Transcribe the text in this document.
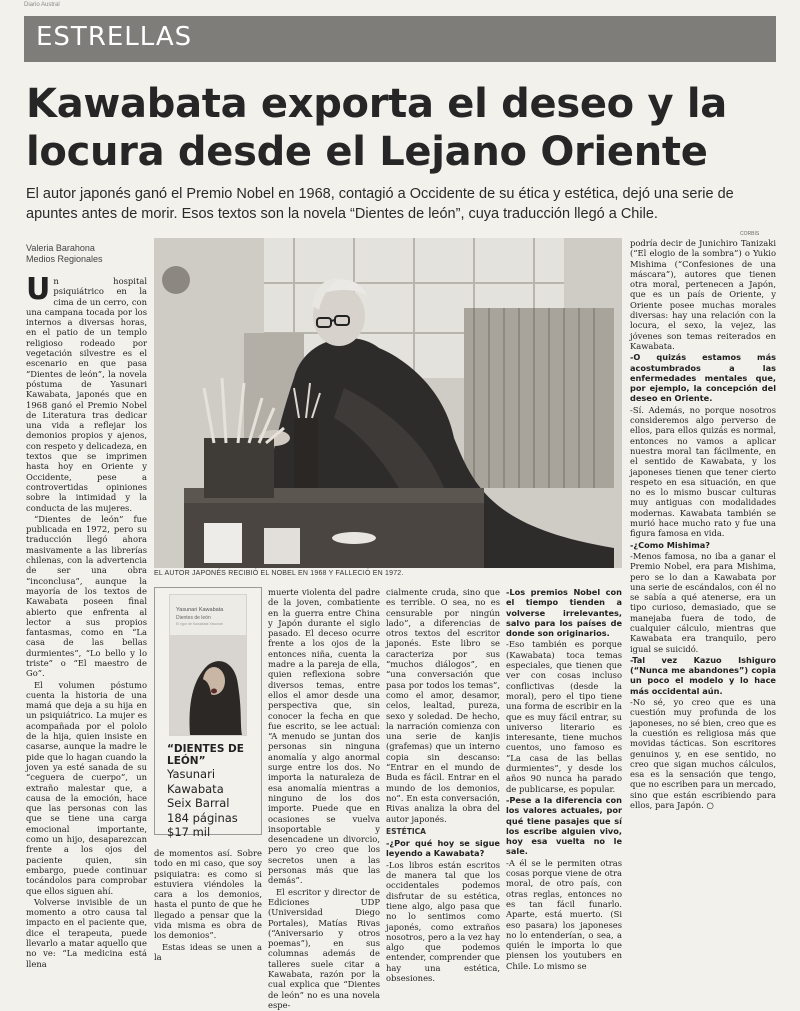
Diario Austral
ESTRELLAS
Kawabata exporta el deseo y la locura desde el Lejano Oriente
El autor japonés ganó el Premio Nobel en 1968, contagió a Occidente de su ética y estética, dejó una serie de apuntes antes de morir. Esos textos son la novela “Dientes de león”, cuya traducción llegó a Chile.
Valeria Barahona
Medios Regionales
CORBIS
EL AUTOR JAPONÉS RECIBIÓ EL NOBEL EN 1968 Y FALLECIÓ EN 1972.

Un hospital psiquiátrico en la cima de un cerro, con una campana tocada por los internos a diversas horas, en el patio de un templo religioso rodeado por vegetación silvestre es el escenario en que pasa “Dientes de león”, la novela póstuma de Yasunari Kawabata, japonés que en 1968 ganó el Premio Nobel de Literatura tras dedicar una vida a reflejar los demonios propios y ajenos, con respeto y delicadeza, en textos que se imprimen hasta hoy en Oriente y Occidente, pese a controvertidas opiniones sobre la intimidad y la conducta de las mujeres.

“Dientes de león” fue publicada en 1972, pero su traducción llegó ahora masivamente a las librerías chilenas, con la advertencia de ser una obra “inconclusa”, aunque la mayoría de los textos de Kawabata poseen final abierto que enfrenta al lector a sus propios fantasmas, como en “La casa de las bellas durmientes”, “Lo bello y lo triste” o “El maestro de Go”.

El volumen póstumo cuenta la historia de una mamá que deja a su hija en un psiquiátrico. La mujer es acompañada por el pololo de la hija, quien insiste en casarse, aunque la madre le pide que lo hagan cuando la joven ya esté sanada de su “ceguera de cuerpo”, un extraño malestar que, a causa de la emoción, hace que las personas con las que se tiene una carga emocional importante, como un hijo, desaparezcan frente a los ojos del paciente quien, sin embargo, puede continuar tocándolos para comprobar que ellos siguen ahí.

Volverse invisible de un momento a otro causa tal impacto en el paciente que, dice el terapeuta, puede llevarlo a matar aquello que no ve: “La medicina está llena

Yasunari Kawabata
Dientes de león
El rigor de Kawabata Yasunari
“DIENTES DE
LEÓN”
Yasunari
Kawabata
Seix Barral
184 páginas
$17 mil

de momentos así. Sobre todo en mi caso, que soy psiquiatra: es como si estuviera viéndoles la cara a los demonios, hasta el punto de que he llegado a pensar que la vida misma es obra de los demonios”.

Estas ideas se unen a la

muerte violenta del padre de la joven, combatiente en la guerra entre China y Japón durante el siglo pasado. El deceso ocurre frente a los ojos de la entonces niña, cuenta la madre a la pareja de ella, quien reflexiona sobre diversos temas, entre ellos el amor desde una perspectiva que, sin conocer la fecha en que fue escrito, se lee actual: “A menudo se juntan dos personas sin ninguna anomalía y algo anormal surge entre los dos. No importa la naturaleza de esa anomalía mientras a ninguno de los dos importe. Puede que en ocasiones se vuelva insoportable y desencadene un divorcio, pero yo creo que los secretos unen a las personas más que las demás”.

El escritor y director de Ediciones UDP (Universidad Diego Portales), Matías Rivas (“Aniversario y otros poemas”), en sus columnas además de talleres suele citar a Kawabata, razón por la cual explica que “Dientes de león” no es una novela espe-

cialmente cruda, sino que es terrible. O sea, no es censurable por ningún lado”, a diferencias de otros textos del escritor japonés. Este libro se caracteriza por sus “muchos diálogos”, en “una conversación que pasa por todos los temas”, como el amor, desamor, celos, lealtad, pureza, sexo y soledad. De hecho, la narración comienza con una serie de kanjis (grafemas) que un interno copia sin descanso: “Entrar en el mundo de Buda es fácil. Entrar en el mundo de los demonios, no”. En esta conversación, Rivas analiza la obra del autor japonés.

ESTÉTICA

-¿Por qué hoy se sigue leyendo a Kawabata?

-Los libros están escritos de manera tal que los occidentales podemos disfrutar de su estética, tiene algo, algo pasa que no lo sentimos como japonés, como extraños nosotros, pero a la vez hay algo que podemos entender, comprender que hay una estética, obsesiones.

-Los premios Nobel con el tiempo tienden a volverse irrelevantes, salvo para los países de donde son originarios.

-Eso también es porque (Kawabata) toca temas especiales, que tienen que ver con cosas incluso conflictivas (desde la moral), pero el tipo tiene una forma de escribir en la que es muy fácil entrar, su universo literario es interesante, tiene muchos cuentos, uno famoso es “La casa de las bellas durmientes”, y desde los años 90 nunca ha parado de publicarse, es popular.

-Pese a la diferencia con los valores actuales, por qué tiene pasajes que sí los escribe alguien vivo, hoy esa vuelta no le sale.

-A él se le permiten otras cosas porque viene de otra moral, de otro país, con otras reglas, entonces no es tan fácil funarlo. Aparte, está muerto. (Si eso pasara) los japoneses no lo entenderían, o sea, a quién le importa lo que piensen los youtubers en Chile. Lo mismo se

podría decir de Junichiro Tanizaki (“El elogio de la sombra”) o Yukio Mishima (“Confesiones de una máscara”), autores que tienen otra moral, pertenecen a Japón, que es un país de Oriente, y Oriente posee muchas morales diversas: hay una relación con la locura, el sexo, la vejez, las jóvenes son temas reiterados en Kawabata.

-O quizás estamos más acostumbrados a las enfermedades mentales que, por ejemplo, la concepción del deseo en Oriente.

-Sí. Además, no porque nosotros consideremos algo perverso de ellos, para ellos quizás es normal, entonces no vamos a aplicar nuestra moral tan fácilmente, en el sentido de Kawabata, y los japoneses tienen que tener cierto respeto en esa situación, en que no es lo mismo buscar culturas muy antiguas con modalidades modernas. Kawabata también se murió hace mucho rato y fue una figura famosa en vida.

-¿Como Mishima?

-Menos famosa, no iba a ganar el Premio Nobel, era para Mishima, pero se lo dan a Kawabata por una serie de escándalos, con él no se sabía a qué atenerse, era un tipo curioso, demasiado, que se manejaba fuera de todo, de cualquier cálculo, mientras que Kawabata era tranquilo, pero igual se suicidó.

-Tal vez Kazuo Ishiguro (“Nunca me abandones”) copia un poco el modelo y lo hace más occidental aún.

-No sé, yo creo que es una cuestión muy profunda de los japoneses, no sé bien, creo que es la cuestión es religiosa más que movidas tácticas. Son escritores genuinos y, en ese sentido, no creo que sigan muchos cálculos, esa es la sensación que tengo, que no escriben para un mercado, sino que están escribiendo para ellos, para Japón. ○
